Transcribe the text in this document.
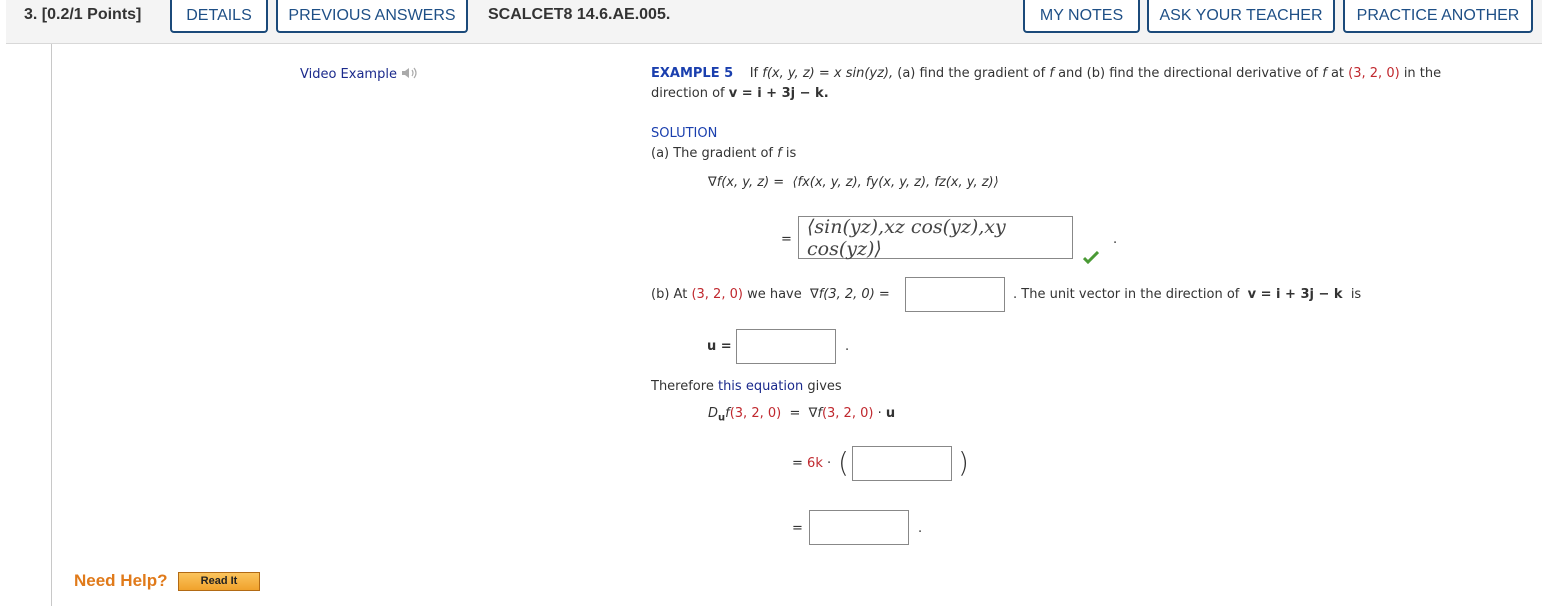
3. [0.2/1 Points]	DETAILS	PREVIOUS ANSWERS	SCALCET8 14.6.AE.005.	MY NOTES	ASK YOUR TEACHER	PRACTICE ANOTHER
Video Example	EXAMPLE 5 If f(x, y, z) = x sin(yz), (a) find the gradient of f and (b) find the directional derivative of f at (3, 2, 0) in the
direction of v = i + 3j − k.
SOLUTION
(a) The gradient of f is
∇f(x, y, z) = ⟨fx(x, y, z), fy(x, y, z), fz(x, y, z)⟩
=
⟨sin(yz),xz cos(yz),xy cos(yz)⟩	.
(b) At (3, 2, 0) we have ∇f(3, 2, 0) =	. The unit vector in the direction of v = i + 3j − k is
u =	.
Therefore this equation gives
$D_uf(3$, 2, 0) = ∇f(3, 2, 0) · u
= 6k · (	)
=	.
Need Help?	Read It
